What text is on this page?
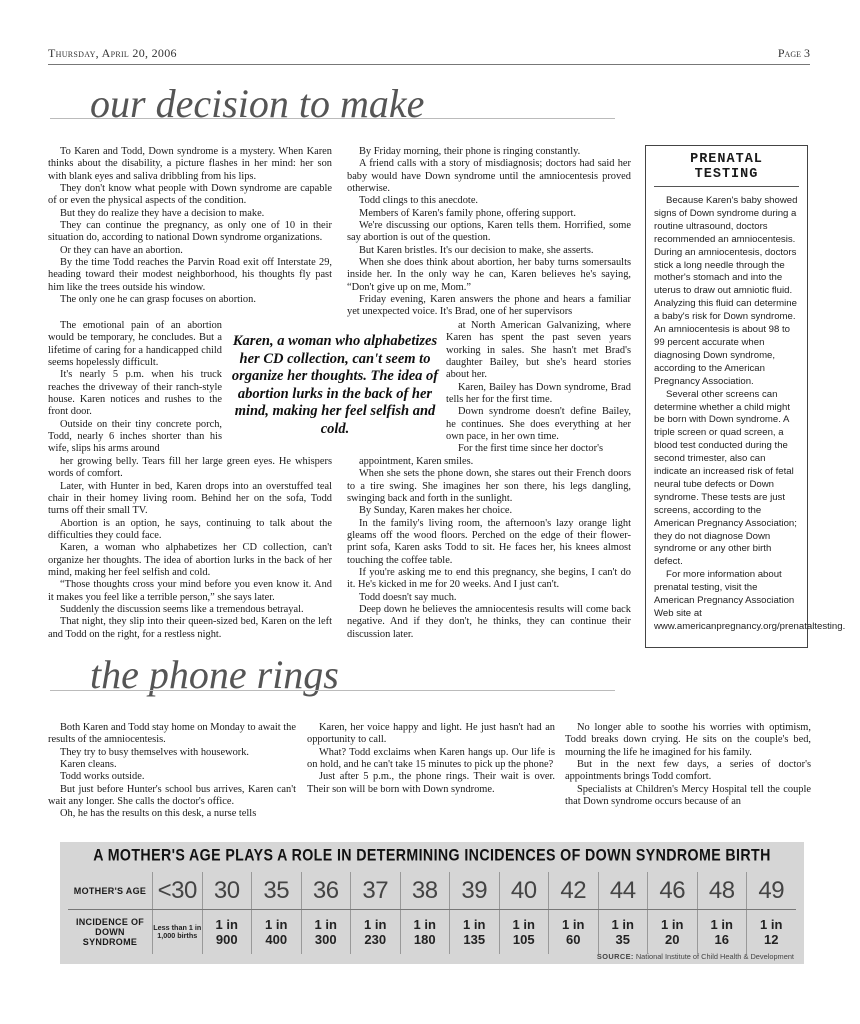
Thursday, April 20, 2006	Page 3
our decision to make

To Karen and Todd, Down syndrome is a mystery. When Karen thinks about the disability, a picture flashes in her mind: her son with blank eyes and saliva dribbling from his lips.

They don't know what people with Down syndrome are capable of or even the physical aspects of the condition.

But they do realize they have a decision to make.

They can continue the pregnancy, as only one of 10 in their situation do, according to national Down syndrome organizations.

Or they can have an abortion.

By the time Todd reaches the Parvin Road exit off Interstate 29, heading toward their modest neighborhood, his thoughts fly past him like the trees outside his window.

The only one he can grasp focuses on abortion.

The emotional pain of an abortion would be temporary, he concludes. But a lifetime of caring for a handicapped child seems hopelessly difficult.

It's nearly 5 p.m. when his truck reaches the driveway of their ranch-style house. Karen notices and rushes to the front door.

Outside on their tiny concrete porch, Todd, nearly 6 inches shorter than his wife, slips his arms around

her growing belly. Tears fill her large green eyes. He whispers words of comfort.

Later, with Hunter in bed, Karen drops into an overstuffed teal chair in their homey living room. Behind her on the sofa, Todd turns off their small TV.

Abortion is an option, he says, continuing to talk about the difficulties they could face.

Karen, a woman who alphabetizes her CD collection, can't organize her thoughts. The idea of abortion lurks in the back of her mind, making her feel selfish and cold.

“Those thoughts cross your mind before you even know it. And it makes you feel like a terrible person,” she says later.

Suddenly the discussion seems like a tremendous betrayal.

That night, they slip into their queen-sized bed, Karen on the left and Todd on the right, for a restless night.

By Friday morning, their phone is ringing constantly.

A friend calls with a story of misdiagnosis; doctors had said her baby would have Down syndrome until the amniocentesis proved otherwise.

Todd clings to this anecdote.

Members of Karen's family phone, offering support.

We're discussing our options, Karen tells them. Horrified, some say abortion is out of the question.

But Karen bristles. It's our decision to make, she asserts.

When she does think about abortion, her baby turns somersaults inside her. In the only way he can, Karen believes he's saying, “Don't give up on me, Mom.”

Friday evening, Karen answers the phone and hears a familiar yet unexpected voice. It's Brad, one of her supervisors

at North American Galvanizing, where Karen has spent the past seven years working in sales. She hasn't met Brad's daughter Bailey, but she's heard stories about her.

Karen, Bailey has Down syndrome, Brad tells her for the first time.

Down syndrome doesn't define Bailey, he continues. She does everything at her own pace, in her own time.

For the first time since her doctor's

appointment, Karen smiles.

When she sets the phone down, she stares out their French doors to a tire swing. She imagines her son there, his legs dangling, swinging back and forth in the sunlight.

By Sunday, Karen makes her choice.

In the family's living room, the afternoon's lazy orange light gleams off the wood floors. Perched on the edge of their flower-print sofa, Karen asks Todd to sit. He faces her, his knees almost touching the coffee table.

If you're asking me to end this pregnancy, she begins, I can't do it. He's kicked in me for 20 weeks. And I just can't.

Todd doesn't say much.

Deep down he believes the amniocentesis results will come back negative. And if they don't, he thinks, they can continue their discussion later.

Karen, a woman who alphabetizes her CD collection, can't seem to organize her thoughts. The idea of abortion lurks in the back of her mind, making her feel selfish and cold.
PRENATAL TESTING

Because Karen's baby showed signs of Down syndrome during a routine ultrasound, doctors recommended an amniocentesis. During an amniocentesis, doctors stick a long needle through the mother's stomach and into the uterus to draw out amniotic fluid. Analyzing this fluid can determine a baby's risk for Down syndrome. An amniocentesis is about 98 to 99 percent accurate when diagnosing Down syndrome, according to the American Pregnancy Association.

Several other screens can determine whether a child might be born with Down syndrome. A triple screen or quad screen, a blood test conducted during the second trimester, also can indicate an increased risk of fetal neural tube defects or Down syndrome. These tests are just screens, according to the American Pregnancy Association; they do not diagnose Down syndrome or any other birth defect.

For more information about prenatal testing, visit the American Pregnancy Association Web site at www.americanpregnancy.org/prenataltesting.

the phone rings

Both Karen and Todd stay home on Monday to await the results of the amniocentesis.

They try to busy themselves with housework.

Karen cleans.

Todd works outside.

But just before Hunter's school bus arrives, Karen can't wait any longer. She calls the doctor's office.

Oh, he has the results on this desk, a nurse tells

Karen, her voice happy and light. He just hasn't had an opportunity to call.

What? Todd exclaims when Karen hangs up. Our life is on hold, and he can't take 15 minutes to pick up the phone?

Just after 5 p.m., the phone rings. Their wait is over. Their son will be born with Down syndrome.

No longer able to soothe his worries with optimism, Todd breaks down crying. He sits on the couple's bed, mourning the life he imagined for his family.

But in the next few days, a series of doctor's appointments brings Todd comfort.

Specialists at Children's Mercy Hospital tell the couple that Down syndrome occurs because of an

A MOTHER'S AGE PLAYS A ROLE IN DETERMINING INCIDENCES OF DOWN SYNDROME BIRTH
MOTHER'S AGE <30 30 35 36 37 38 39 40 42 44 46 48 49
INCIDENCE OF DOWN SYNDROME
Less than 1 in 1,000 births
1 in
900
1 in
400
1 in
300
1 in
230
1 in
180
1 in
135
1 in
105
1 in
60
1 in
35
1 in
20
1 in
16
1 in
12
SOURCE: National Institute of Child Health & Development
